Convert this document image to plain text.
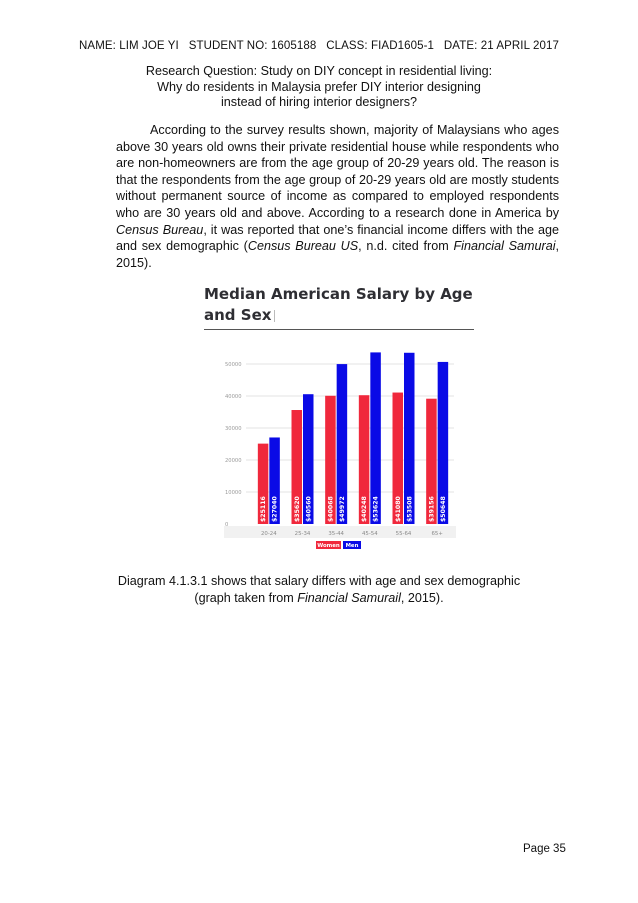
NAME: LIM JOE YI   STUDENT NO: 1605188   CLASS: FIAD1605-1   DATE: 21 APRIL 2017
Research Question: Study on DIY concept in residential living:
Why do residents in Malaysia prefer DIY interior designing
instead of hiring interior designers?
According to the survey results shown, majority of Malaysians who ages above 30 years old owns their private residential house while respondents who are non-homeowners are from the age group of 20-29 years old. The reason is that the respondents from the age group of 20-29 years old are mostly students without permanent source of income as compared to employed respondents who are 30 years old and above. According to a research done in America by Census Bureau, it was reported that one’s financial income differs with the age and sex demographic (Census Bureau US, n.d. cited from Financial Samurai, 2015).
Median American Salary by Age and Sex
0
10000
20000
30000
40000
50000
$25116 $27040
20-24
$35620 $40560
25-34
$40068 $49972
35-44
$40248 $53624
45-54
$41080 $53508
55-64
$39156 $50648
65+
Women Men
Diagram 4.1.3.1 shows that salary differs with age and sex demographic
(graph taken from Financial Samurail, 2015).
Page 35
